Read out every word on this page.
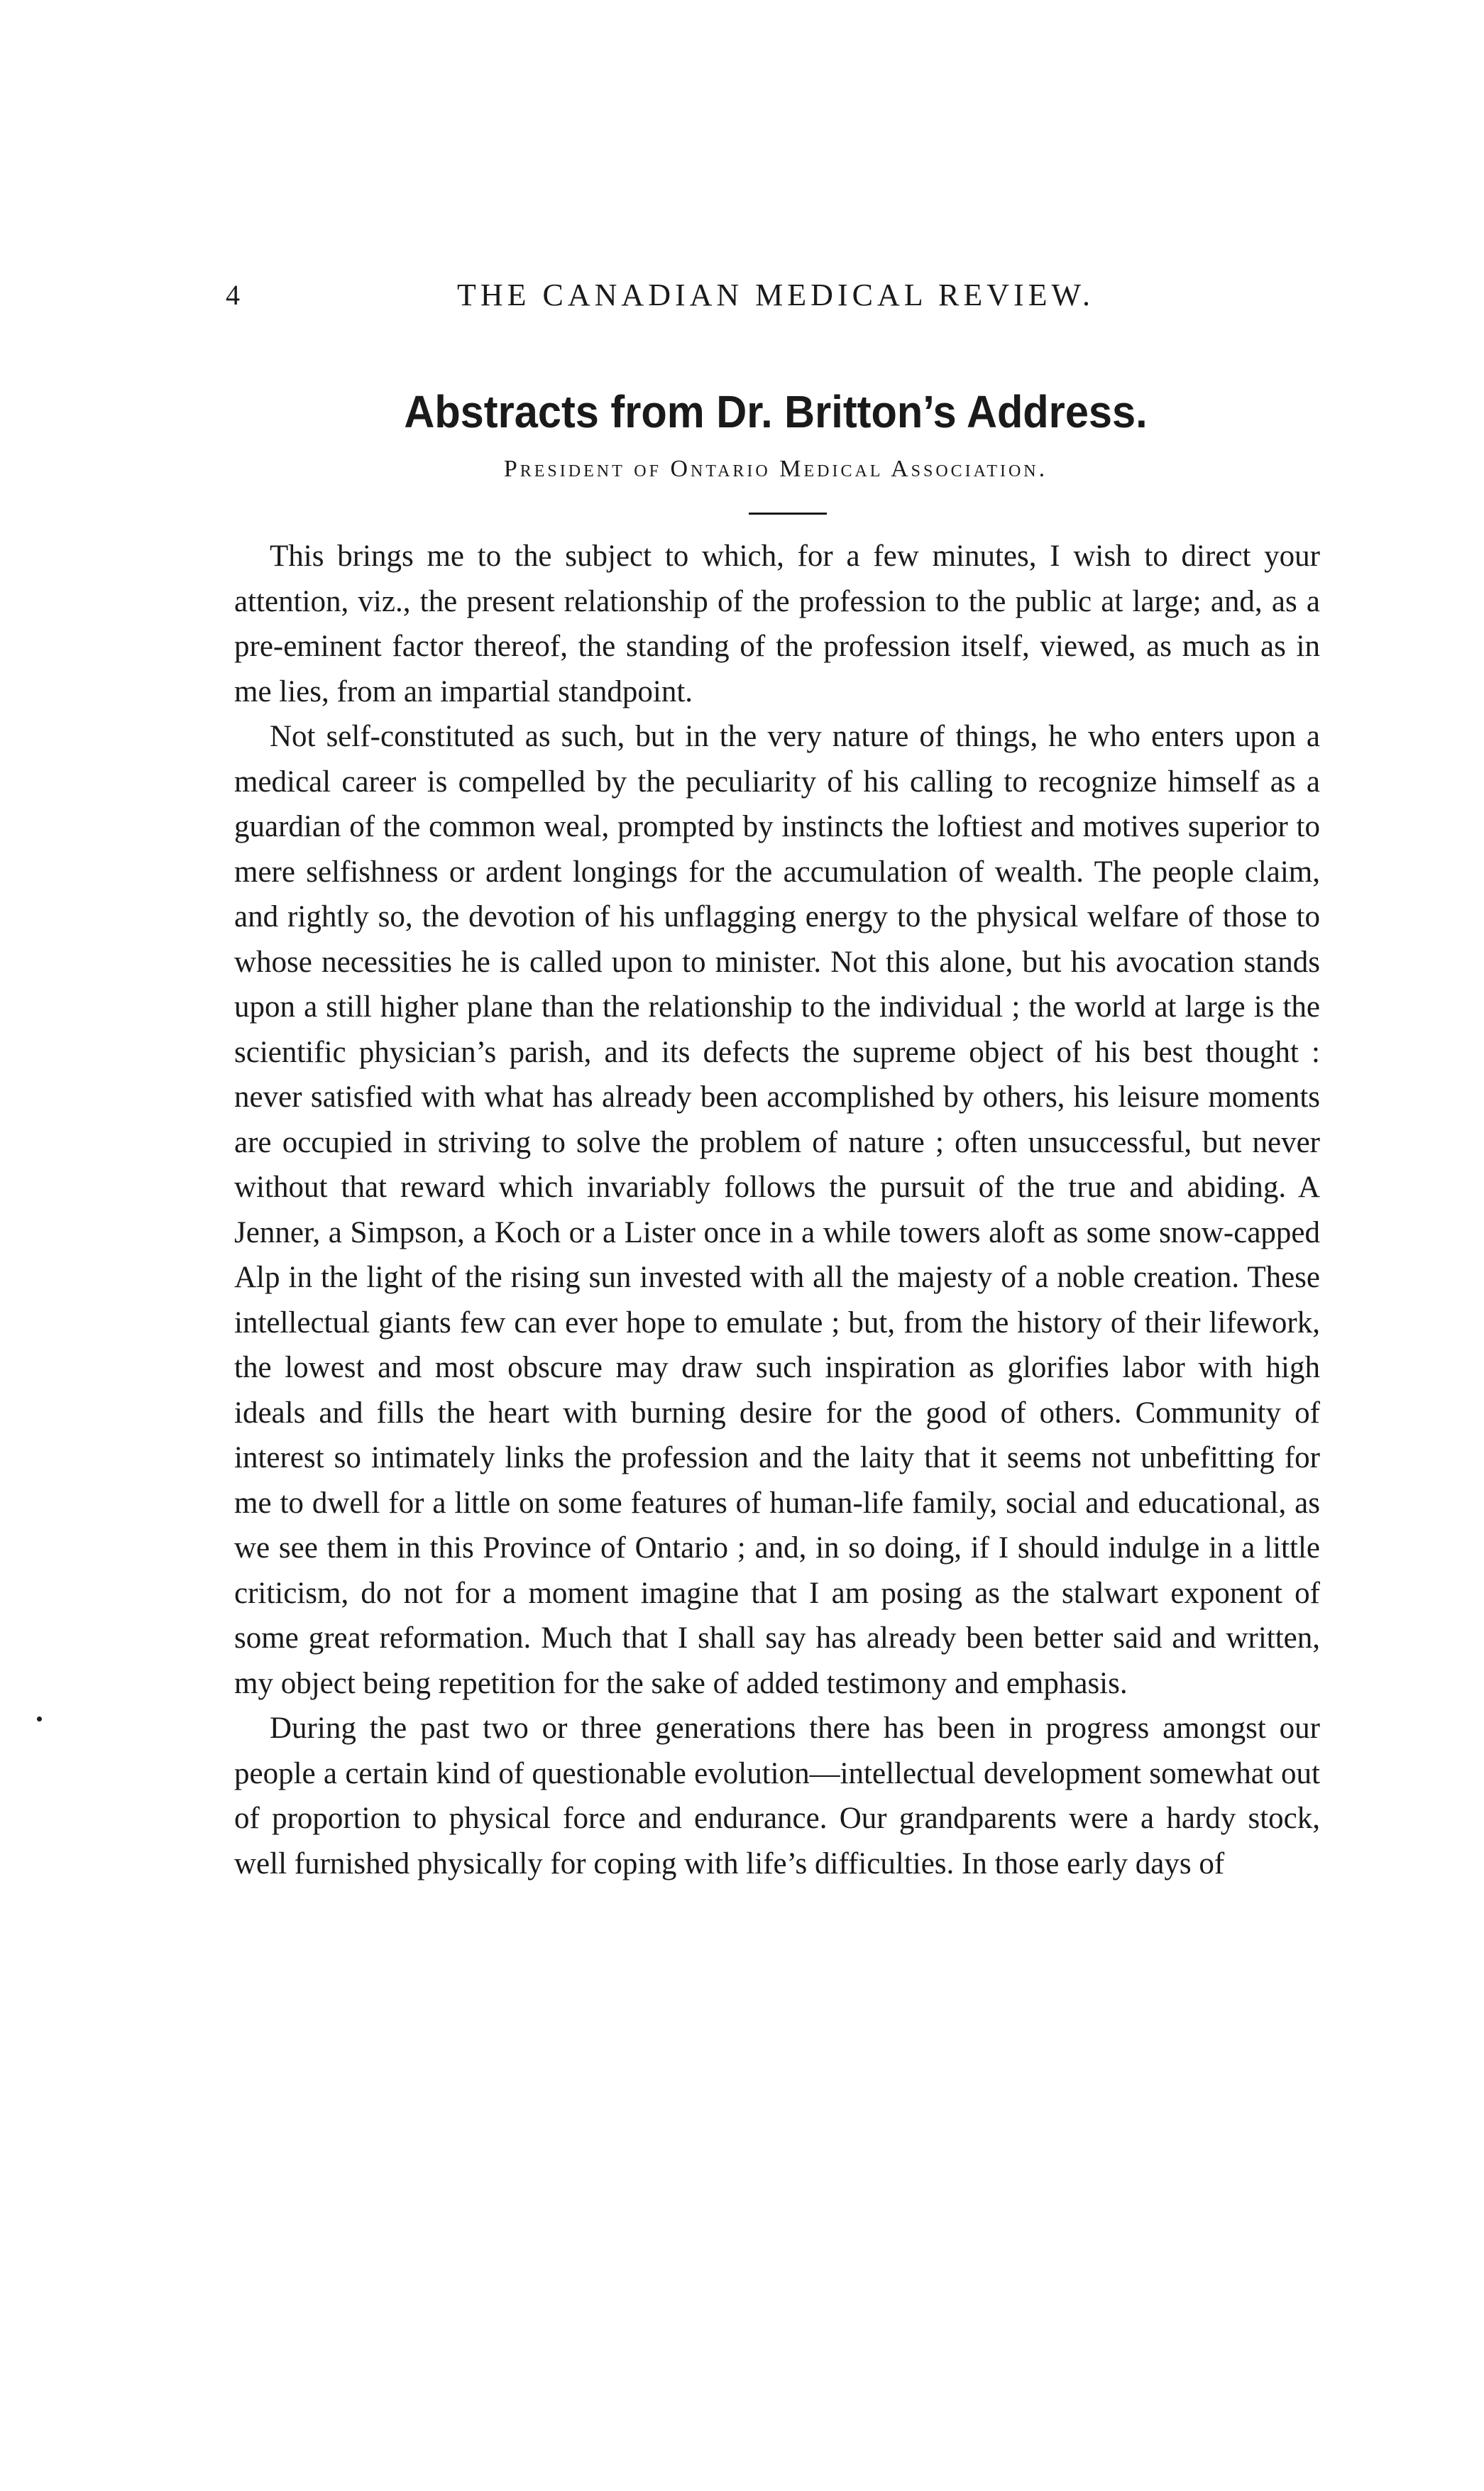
4	THE CANADIAN MEDICAL REVIEW.
Abstracts from Dr. Britton’s Address.
President of Ontario Medical Association.

This brings me to the subject to which, for a few minutes, I wish to direct your attention, viz., the present relationship of the profession to the public at large; and, as a pre-eminent factor thereof, the standing of the profession itself, viewed, as much as in me lies, from an impartial standpoint.

Not self-constituted as such, but in the very nature of things, he who enters upon a medical career is compelled by the peculiarity of his calling to recognize himself as a guardian of the common weal, prompted by instincts the loftiest and motives superior to mere selfishness or ardent longings for the accumulation of wealth. The people claim, and rightly so, the devotion of his unflagging energy to the physical welfare of those to whose necessities he is called upon to minister. Not this alone, but his avocation stands upon a still higher plane than the relationship to the individual ; the world at large is the scientific physician’s parish, and its defects the supreme object of his best thought : never satisfied with what has already been accomplished by others, his leisure moments are occupied in striving to solve the problem of nature ; often unsuccessful, but never without that reward which invariably follows the pursuit of the true and abiding. A Jenner, a Simpson, a Koch or a Lister once in a while towers aloft as some snow-capped Alp in the light of the rising sun invested with all the majesty of a noble creation. These intellectual giants few can ever hope to emulate ; but, from the history of their lifework, the lowest and most obscure may draw such inspiration as glorifies labor with high ideals and fills the heart with burning desire for the good of others. Community of interest so intimately links the profession and the laity that it seems not unbefitting for me to dwell for a little on some features of human-life family, social and educational, as we see them in this Province of Ontario ; and, in so doing, if I should indulge in a little criticism, do not for a moment imagine that I am posing as the stalwart exponent of some great reformation. Much that I shall say has already been better said and written, my object being repetition for the sake of added testimony and emphasis.

During the past two or three generations there has been in progress amongst our people a certain kind of questionable evolution—intellectual development somewhat out of proportion to physical force and endurance. Our grandparents were a hardy stock, well furnished physically for coping with life’s difficulties. In those early days of
